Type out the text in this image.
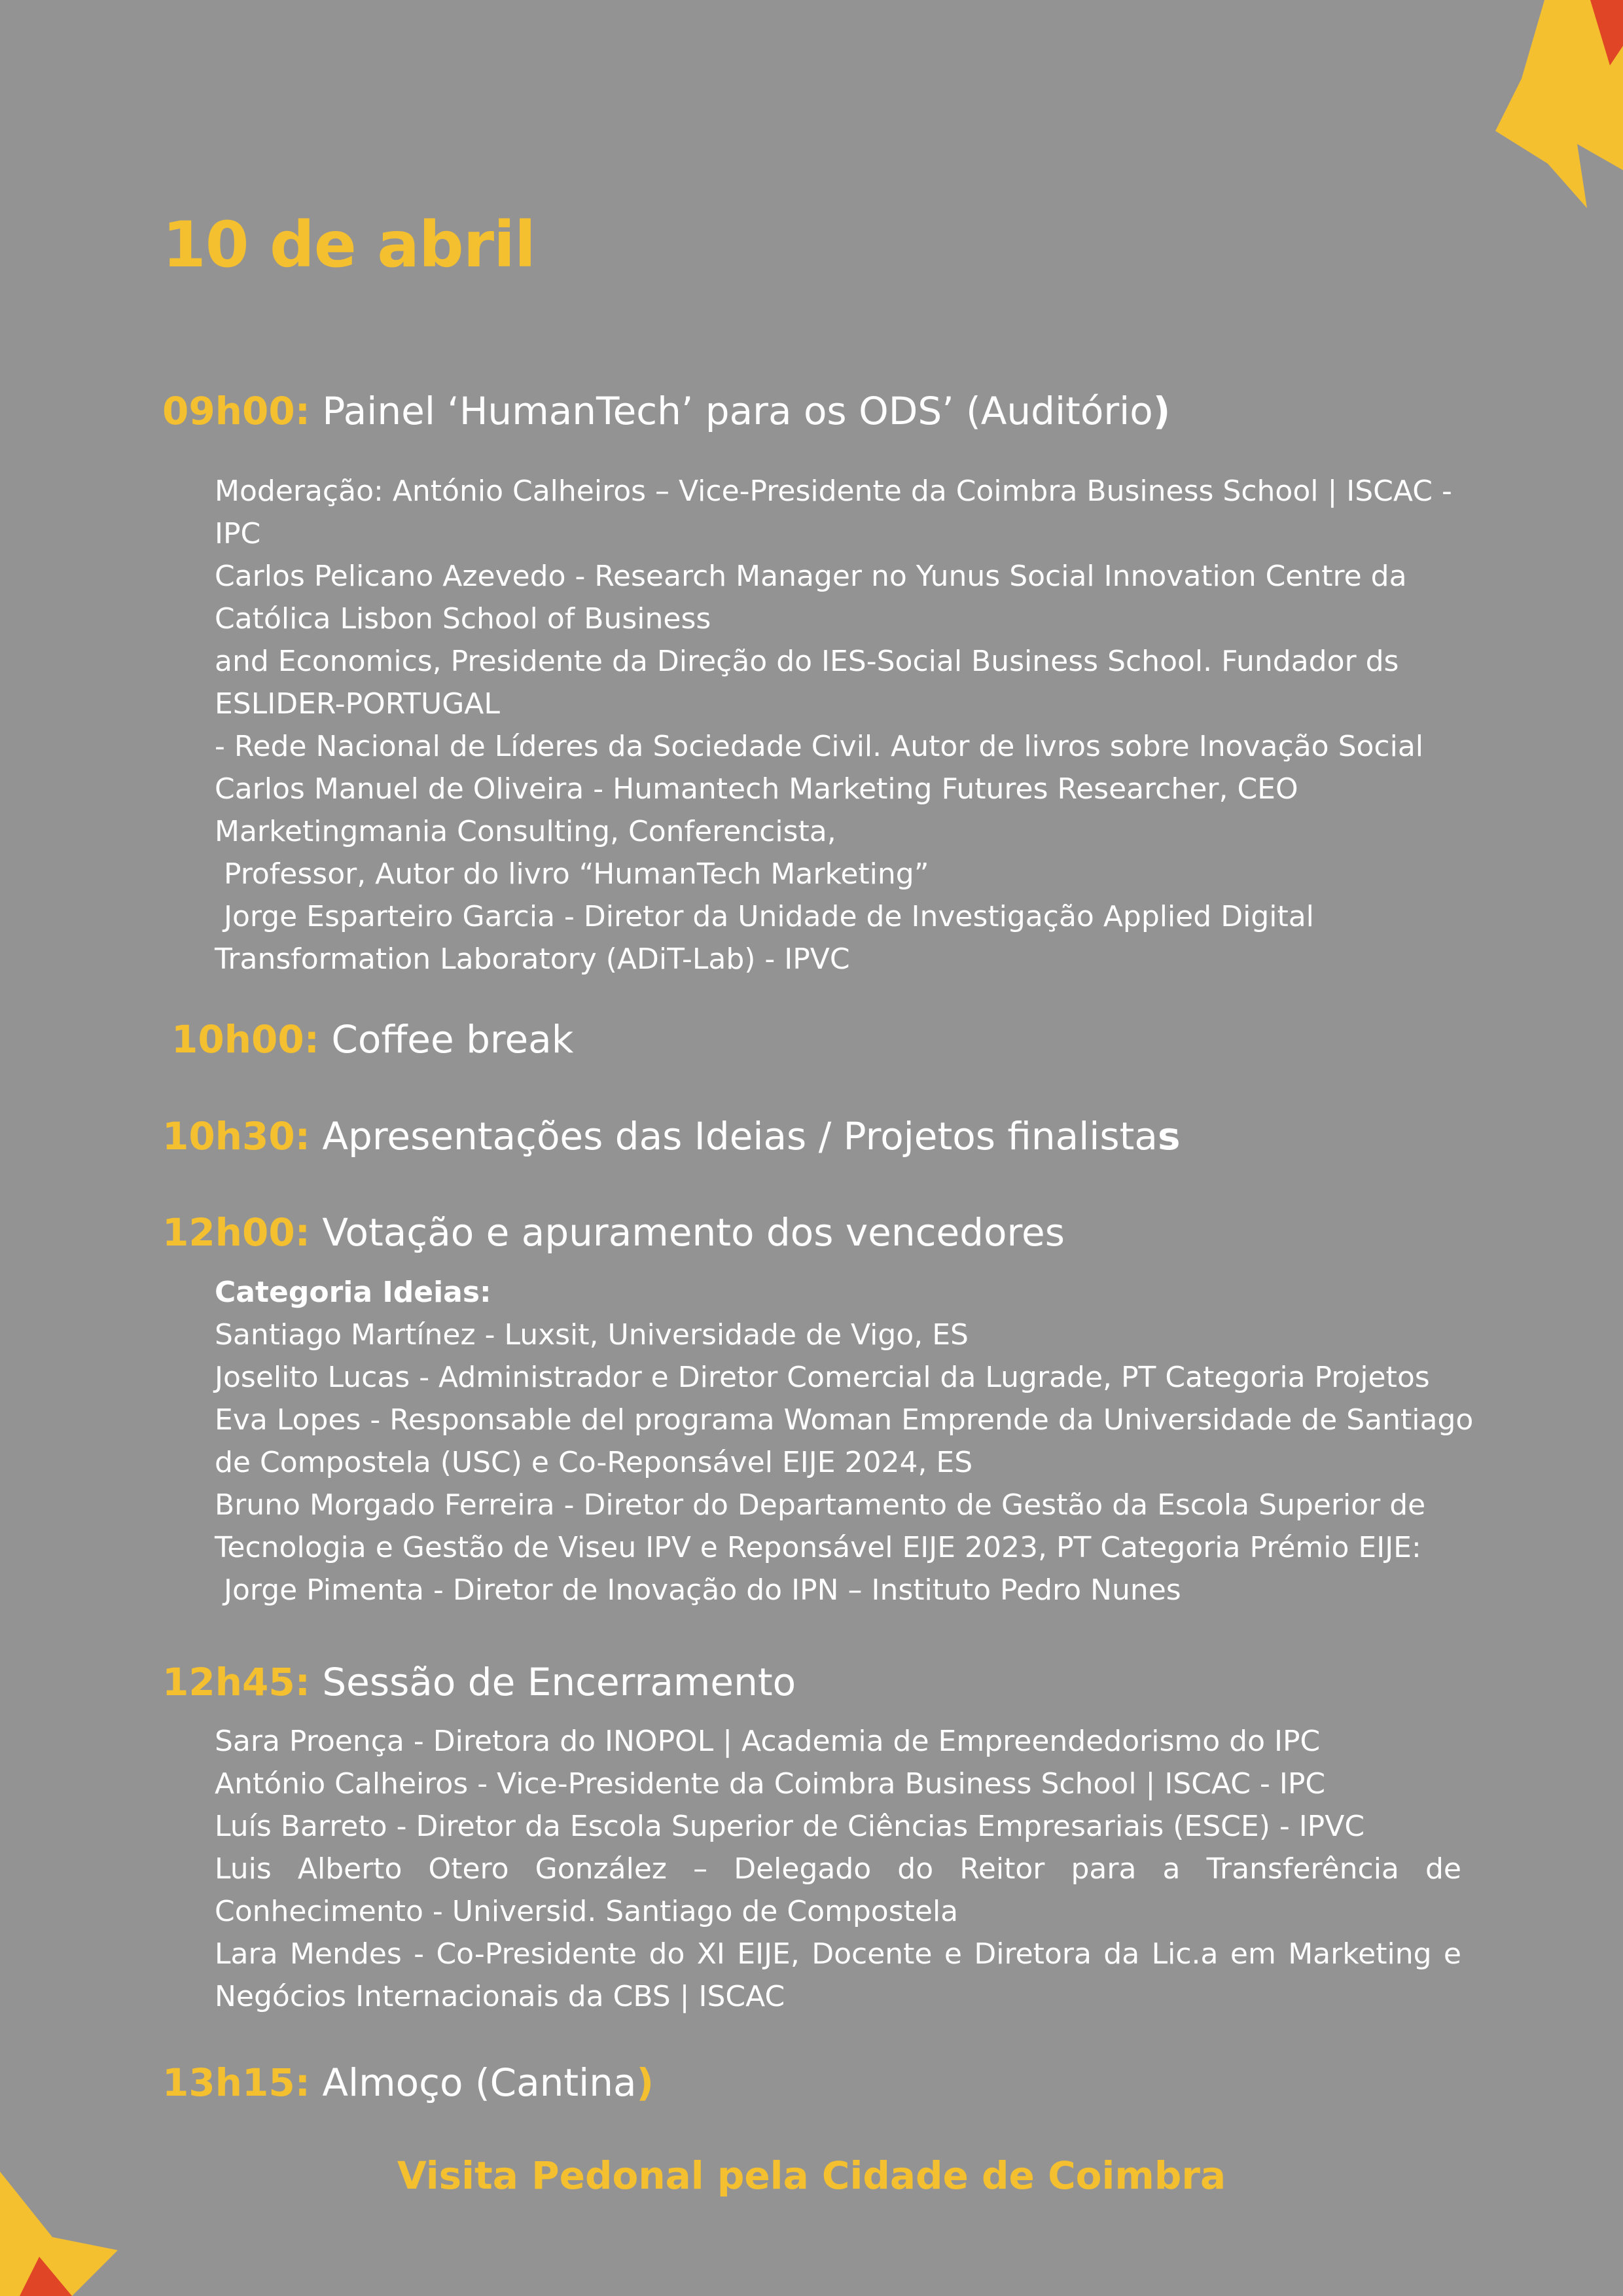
10 de abril
09h00: Painel ‘HumanTech’ para os ODS’ (Auditório)
Moderação: António Calheiros – Vice-Presidente da Coimbra Business School | ISCAC -
IPC
Carlos Pelicano Azevedo - Research Manager no Yunus Social Innovation Centre da
Católica Lisbon School of Business
and Economics, Presidente da Direção do IES-Social Business School. Fundador ds
ESLIDER-PORTUGAL
- Rede Nacional de Líderes da Sociedade Civil. Autor de livros sobre Inovação Social
Carlos Manuel de Oliveira - Humantech Marketing Futures Researcher, CEO
Marketingmania Consulting, Conferencista,
Professor, Autor do livro “HumanTech Marketing”
Jorge Esparteiro Garcia - Diretor da Unidade de Investigação Applied Digital
Transformation Laboratory (ADiT-Lab) - IPVC
10h00: Coffee break
10h30: Apresentações das Ideias / Projetos finalistas
12h00: Votação e apuramento dos vencedores
Categoria Ideias:
Santiago Martínez - Luxsit, Universidade de Vigo, ES
Joselito Lucas - Administrador e Diretor Comercial da Lugrade, PT Categoria Projetos
Eva Lopes - Responsable del programa Woman Emprende da Universidade de Santiago
de Compostela (USC) e Co-Reponsável EIJE 2024, ES
Bruno Morgado Ferreira - Diretor do Departamento de Gestão da Escola Superior de
Tecnologia e Gestão de Viseu IPV e Reponsável EIJE 2023, PT Categoria Prémio EIJE:
Jorge Pimenta - Diretor de Inovação do IPN – Instituto Pedro Nunes
12h45: Sessão de Encerramento
Sara Proença - Diretora do INOPOL | Academia de Empreendedorismo do IPC
António Calheiros - Vice-Presidente da Coimbra Business School | ISCAC - IPC
Luís Barreto - Diretor da Escola Superior de Ciências Empresariais (ESCE) - IPVC
Luis Alberto Otero González – Delegado do Reitor para a Transferência de
Conhecimento - Universid. Santiago de Compostela
Lara Mendes - Co-Presidente do XI EIJE, Docente e Diretora da Lic.a em Marketing e
Negócios Internacionais da CBS | ISCAC
13h15: Almoço (Cantina)
Visita Pedonal pela Cidade de Coimbra
